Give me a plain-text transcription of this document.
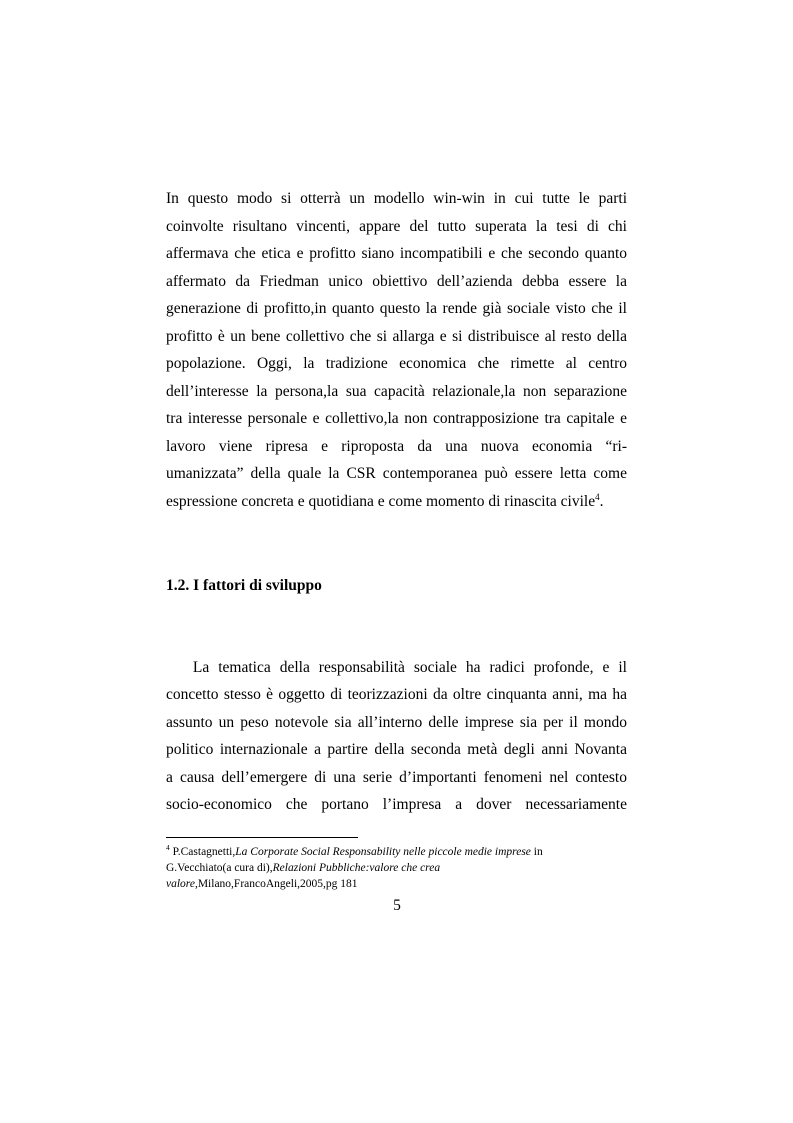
In questo modo si otterrà un modello win-win in cui tutte le parti
coinvolte risultano vincenti, appare del tutto superata la tesi di chi
affermava che etica e profitto siano incompatibili e che secondo quanto
affermato da Friedman unico obiettivo dell’azienda debba essere la
generazione di profitto,in quanto questo la rende già sociale visto che il
profitto è un bene collettivo che si allarga e si distribuisce al resto della
popolazione. Oggi, la tradizione economica che rimette al centro
dell’interesse la persona,la sua capacità relazionale,la non separazione
tra interesse personale e collettivo,la non contrapposizione tra capitale e
lavoro viene ripresa e riproposta da una nuova economia “ri-
umanizzata” della quale la CSR contemporanea può essere letta come
espressione concreta e quotidiana e come momento di rinascita civile$^4$.
1.2. I fattori di sviluppo
La tematica della responsabilità sociale ha radici profonde, e il
concetto stesso è oggetto di teorizzazioni da oltre cinquanta anni, ma ha
assunto un peso notevole sia all’interno delle imprese sia per il mondo
politico internazionale a partire della seconda metà degli anni Novanta
a causa dell’emergere di una serie d’importanti fenomeni nel contesto
socio-economico che portano l’impresa a dover necessariamente
$^4$ P.Castagnetti,La Corporate Social Responsability nelle piccole medie imprese in
G.Vecchiato(a cura di),Relazioni Pubbliche:valore che crea
valore,Milano,FrancoAngeli,2005,pg 181
5
